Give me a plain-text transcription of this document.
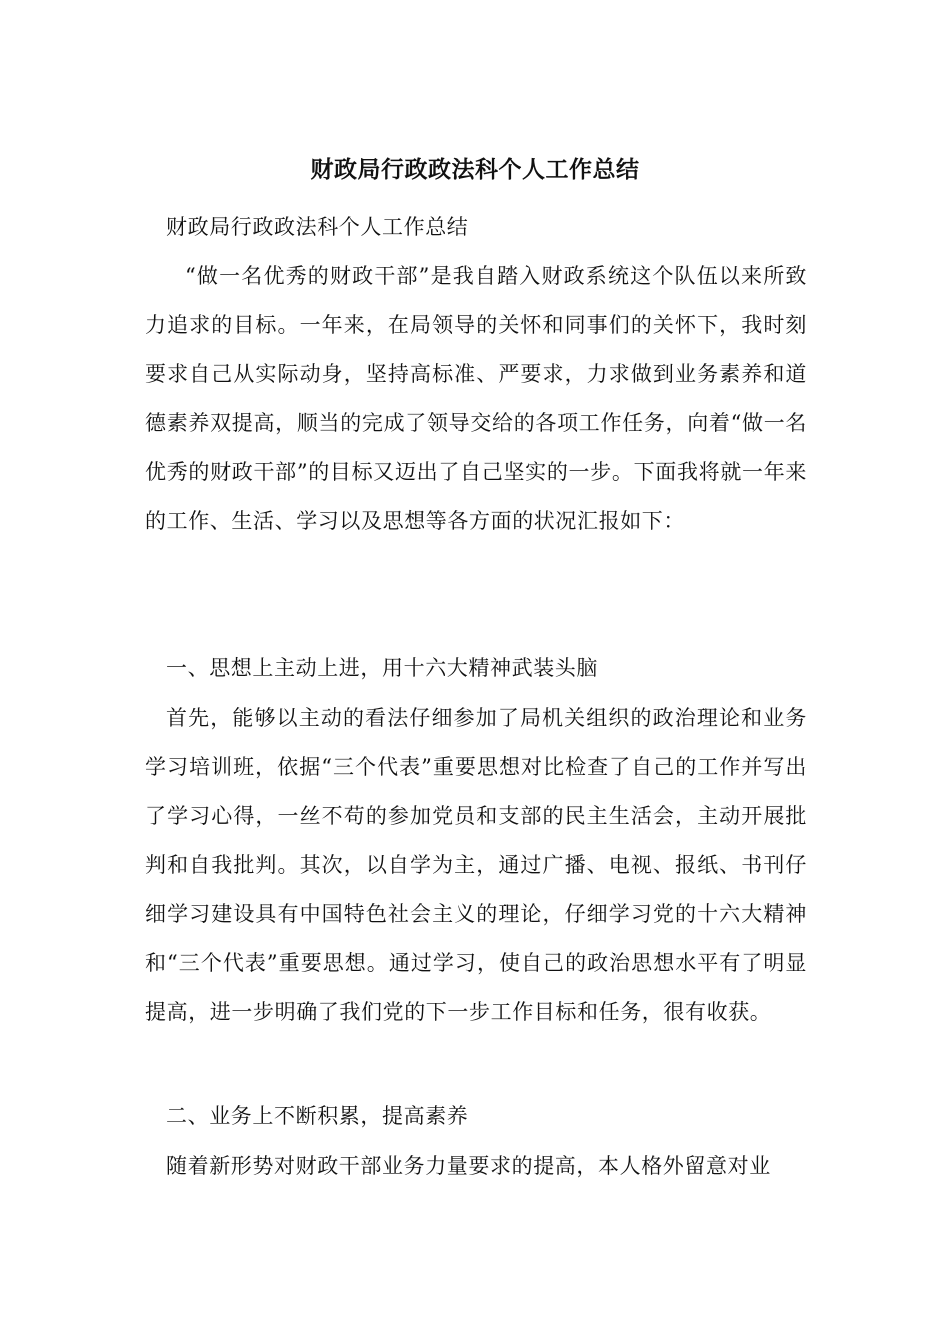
财政局行政政法科个人工作总结

财政局行政政法科个人工作总结

“做一名优秀的财政干部”是我自踏入财政系统这个队伍以来所致力追求的目标。一年来，在局领导的关怀和同事们的关怀下，我时刻要求自己从实际动身，坚持高标准、严要求，力求做到业务素养和道德素养双提高，顺当的完成了领导交给的各项工作任务，向着“做一名优秀的财政干部”的目标又迈出了自己坚实的一步。下面我将就一年来的工作、生活、学习以及思想等各方面的状况汇报如下：

一、思想上主动上进，用十六大精神武装头脑

首先，能够以主动的看法仔细参加了局机关组织的政治理论和业务学习培训班，依据“三个代表”重要思想对比检查了自己的工作并写出了学习心得，一丝不苟的参加党员和支部的民主生活会，主动开展批判和自我批判。其次，以自学为主，通过广播、电视、报纸、书刊仔细学习建设具有中国特色社会主义的理论，仔细学习党的十六大精神和“三个代表”重要思想。通过学习，使自己的政治思想水平有了明显提高，进一步明确了我们党的下一步工作目标和任务，很有收获。

二、业务上不断积累，提高素养

随着新形势对财政干部业务力量要求的提高，本人格外留意对业
